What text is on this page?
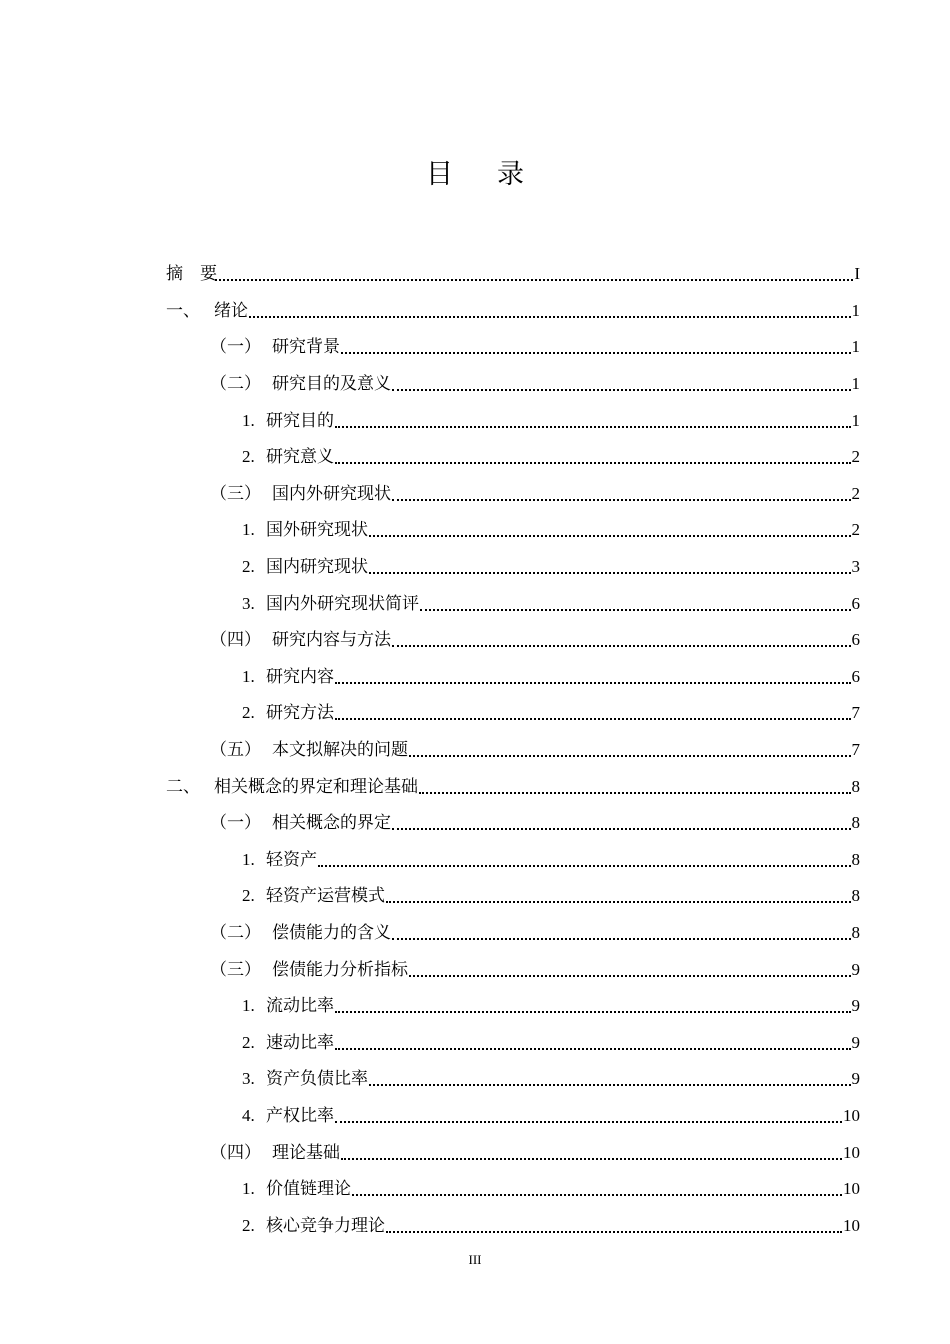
目 录
摘　要	I
一、 绪论	1
（一） 研究背景	1
（二） 研究目的及意义	1
1. 研究目的	1
2. 研究意义	2
（三） 国内外研究现状	2
1. 国外研究现状	2
2. 国内研究现状	3
3. 国内外研究现状简评	6
（四） 研究内容与方法	6
1. 研究内容	6
2. 研究方法	7
（五） 本文拟解决的问题	7
二、 相关概念的界定和理论基础	8
（一） 相关概念的界定	8
1. 轻资产	8
2. 轻资产运营模式	8
（二） 偿债能力的含义	8
（三） 偿债能力分析指标	9
1. 流动比率	9
2. 速动比率	9
3. 资产负债比率	9
4. 产权比率	10
（四） 理论基础	10
1. 价值链理论	10
2. 核心竞争力理论	10
III
